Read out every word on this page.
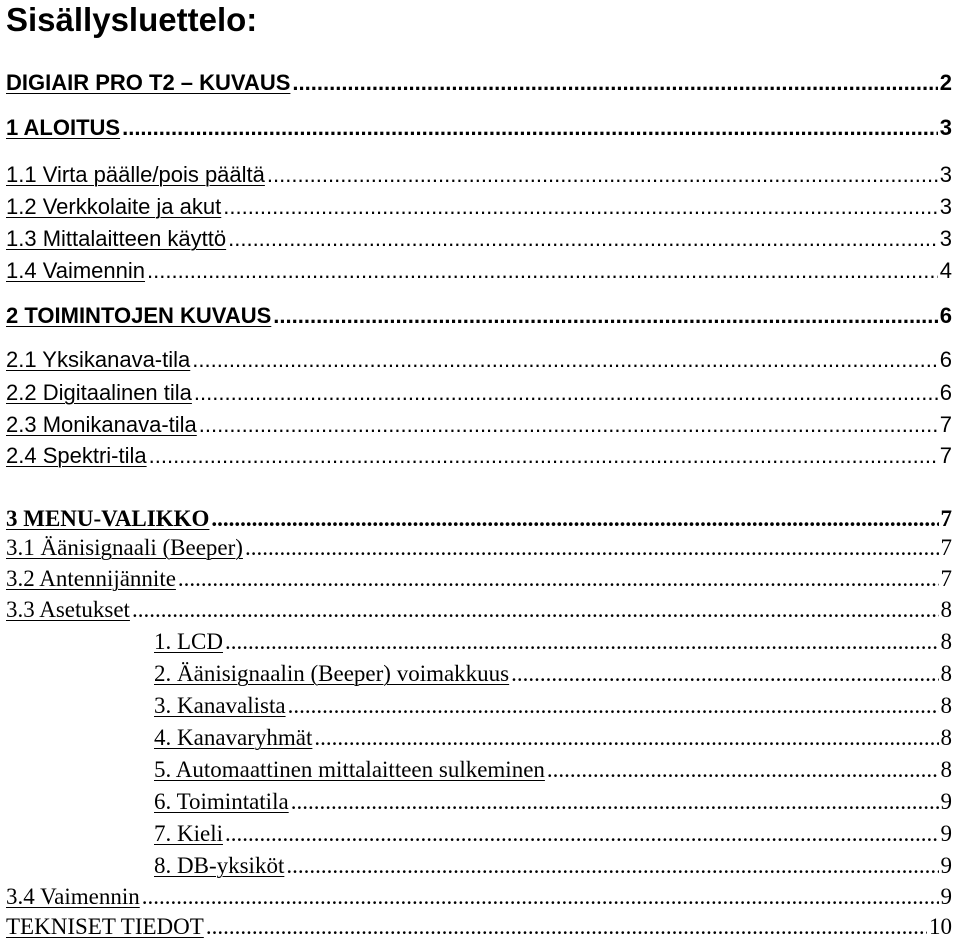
Sisällysluettelo:
DIGIAIR PRO T2 – KUVAUS .....	2
1 ALOITUS .....	3
1.1 Virta päälle/pois päältä .....	3
1.2 Verkkolaite ja akut .....	3
1.3 Mittalaitteen käyttö .....	3
1.4 Vaimennin .....	4
2 TOIMINTOJEN KUVAUS .....	6
2.1 Yksikanava-tila .....	6
2.2 Digitaalinen tila .....	6
2.3 Monikanava-tila .....	7
2.4 Spektri-tila .....	7
3 MENU-VALIKKO .....	7
3.1 Äänisignaali (Beeper) .....	7
3.2 Antennijännite .....	7
3.3 Asetukset .....	8
1. LCD .....	8
2. Äänisignaalin (Beeper) voimakkuus .....	8
3. Kanavalista .....	8
4. Kanavaryhmät .....	8
5. Automaattinen mittalaitteen sulkeminen .....	8
6. Toimintatila .....	9
7. Kieli .....	9
8. DB-yksiköt .....	9
3.4 Vaimennin .....	9
TEKNISET TIEDOT .....	10
